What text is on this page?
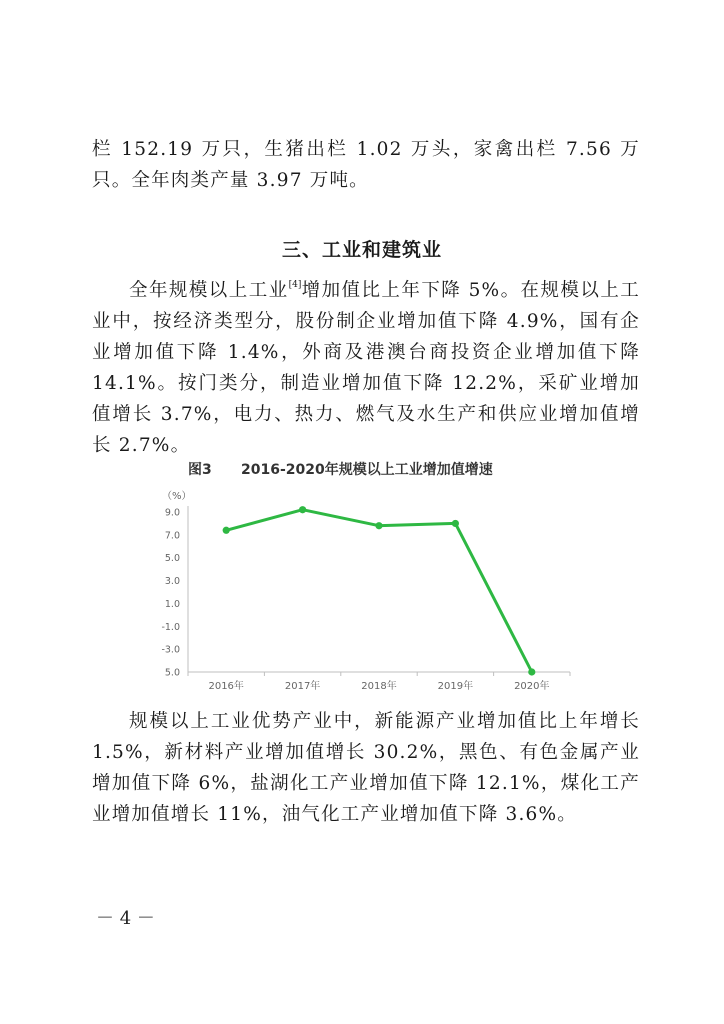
栏 152.19 万只，生猪出栏 1.02 万头，家禽出栏 7.56 万只。全年肉类产量 3.97 万吨。

三、工业和建筑业

全年规模以上工业[4]增加值比上年下降 5%。在规模以上工业中，按经济类型分，股份制企业增加值下降 4.9%，国有企业增加值下降 1.4%，外商及港澳台商投资企业增加值下降 14.1%。按门类分，制造业增加值下降 12.2%，采矿业增加值增长 3.7%，电力、热力、燃气及水生产和供应业增加值增长 2.7%。

图3      2016-2020年规模以上工业增加值增速

（%）
9.0
7.0
5.0
3.0
1.0
-1.0
-3.0
5.0
2016年	2017年	2018年	2019年	2020年

规模以上工业优势产业中，新能源产业增加值比上年增长 1.5%，新材料产业增加值增长 30.2%，黑色、有色金属产业增加值下降 6%，盐湖化工产业增加值下降 12.1%，煤化工产业增加值增长 11%，油气化工产业增加值下降 3.6%。

－ 4 －
